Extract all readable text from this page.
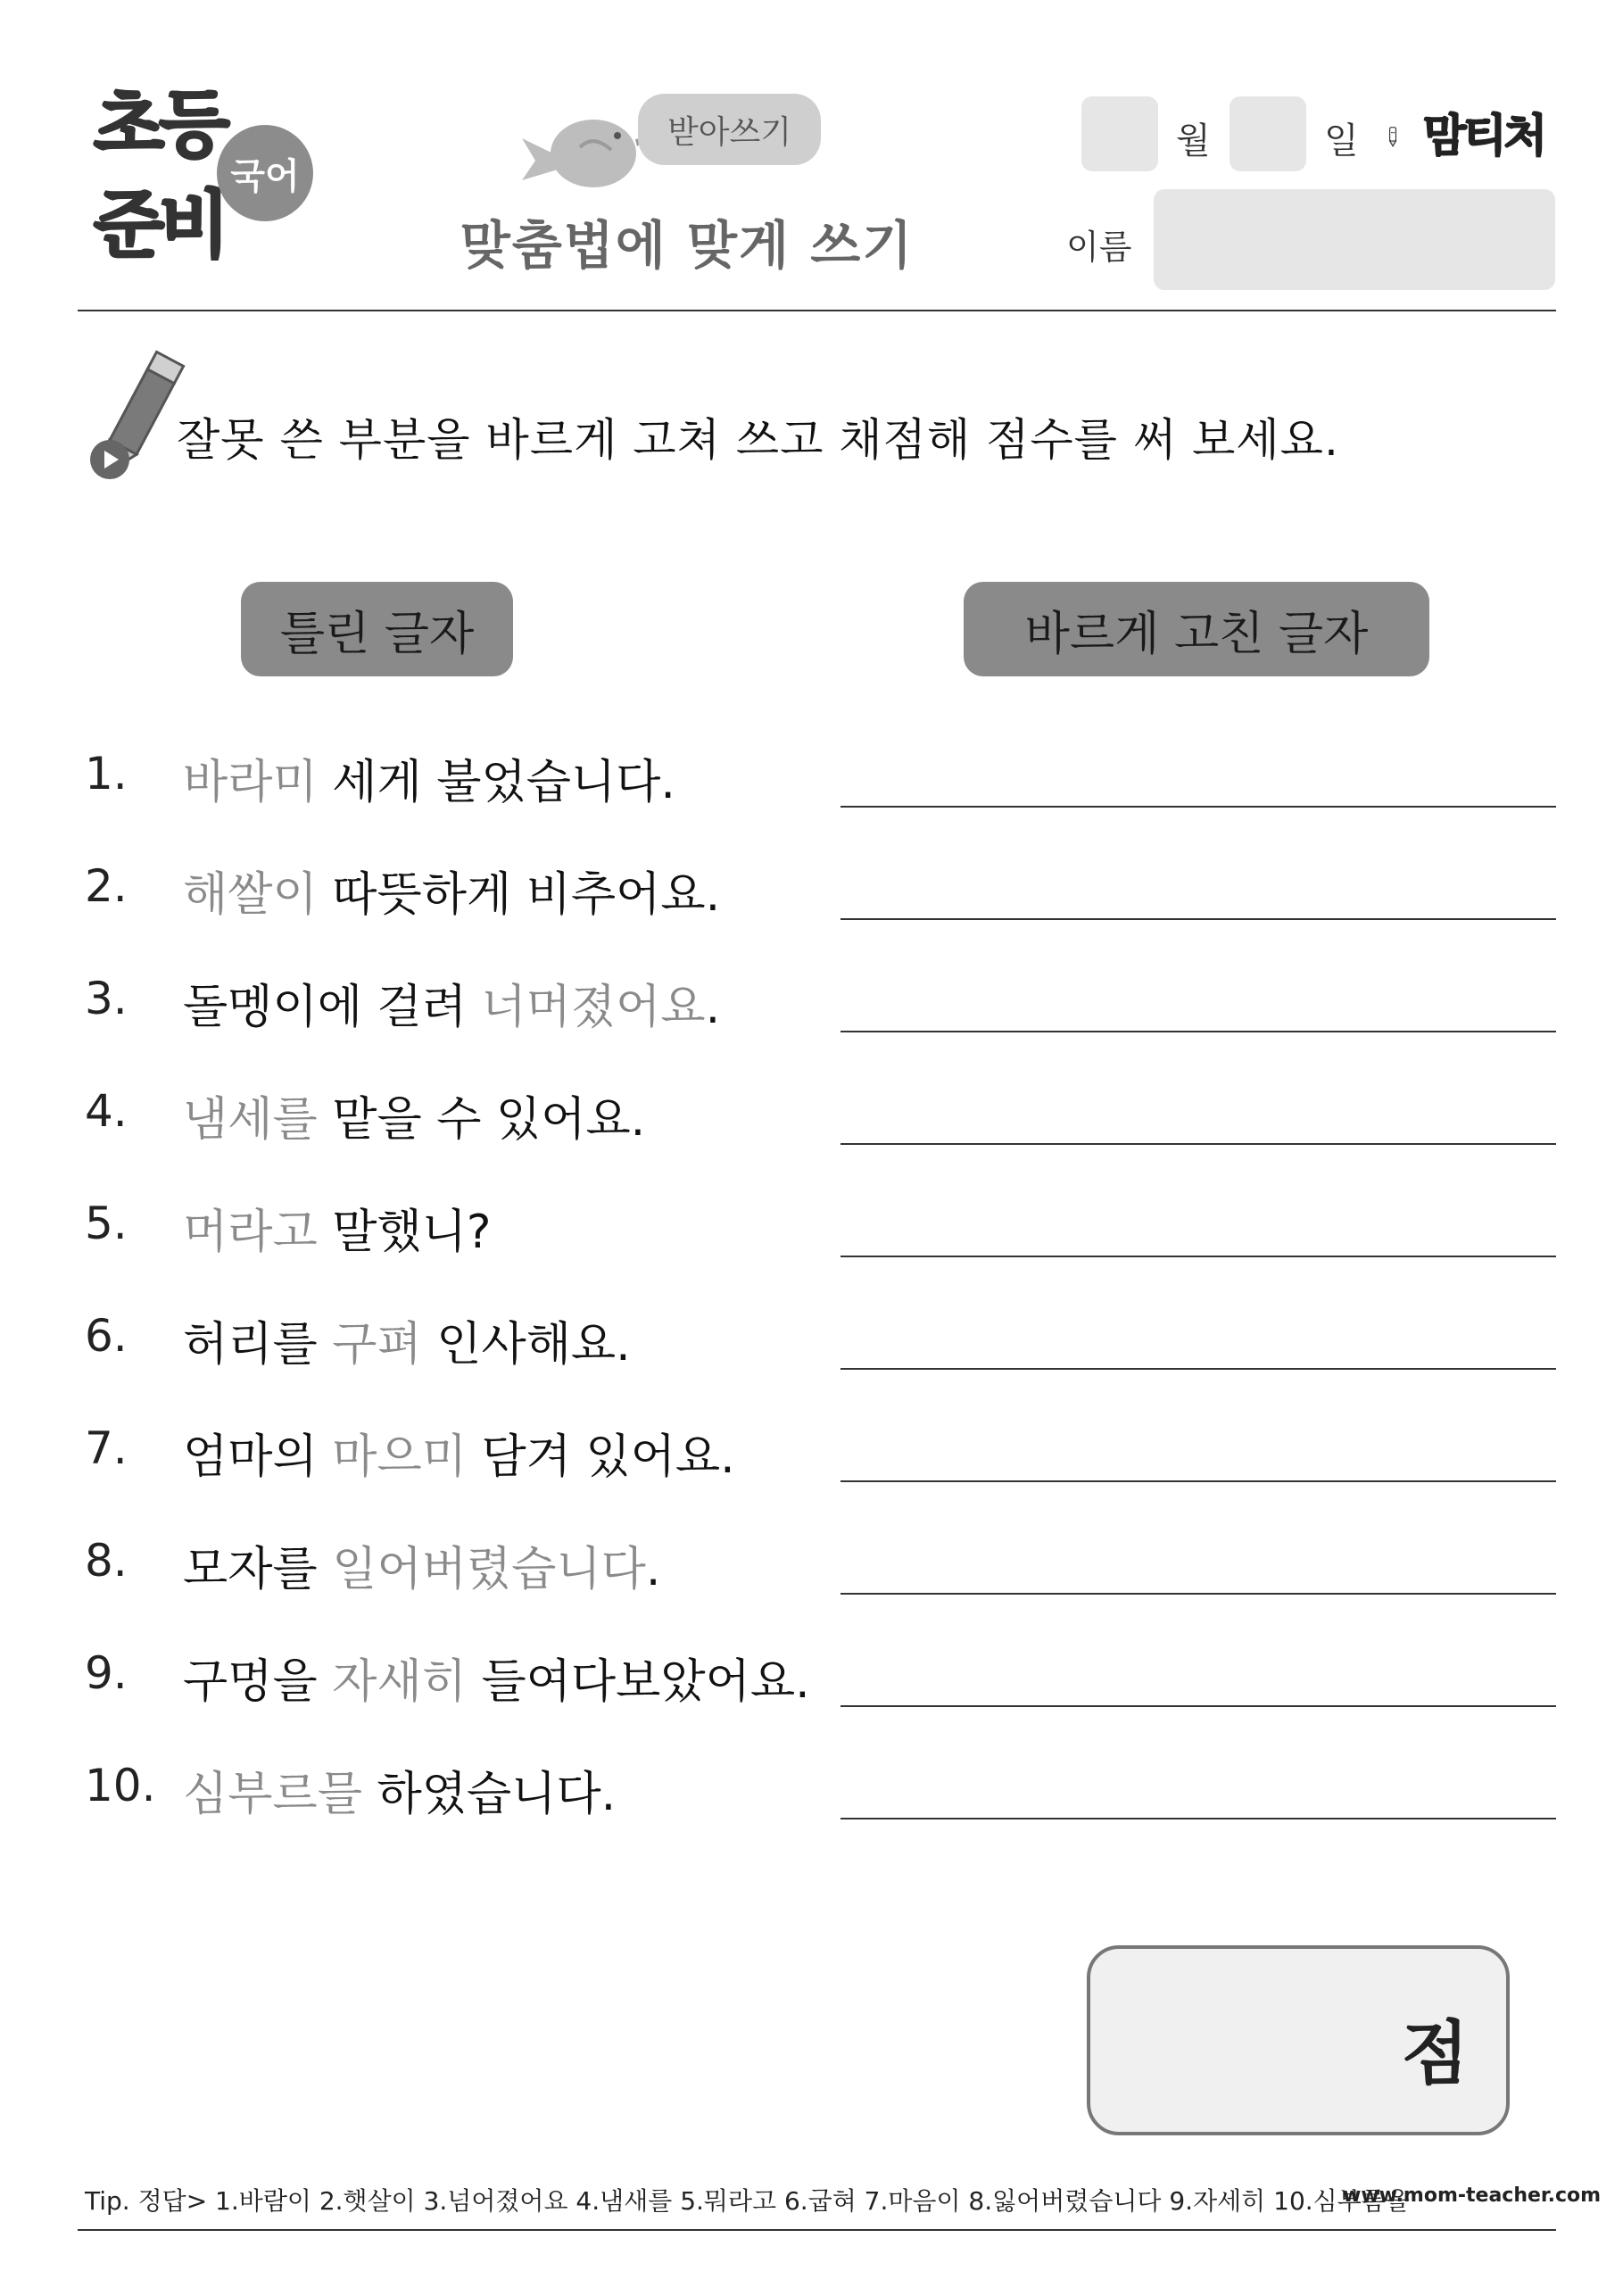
초등
준비
국어
받아쓰기
맞춤법에 맞게 쓰기
월	일
이름
맘티처
잘못 쓴 부분을 바르게 고쳐 쓰고 채점해 점수를 써 보세요.
틀린 글자	바르게 고친 글자
1. 바라미 세게 불었습니다.
2. 해쌀이 따뜻하게 비추어요.
3. 돌멩이에 걸려 너머졌어요.
4. 냄세를 맡을 수 있어요.
5. 머라고 말했니?
6. 허리를 구펴 인사해요.
7. 엄마의 마으미 담겨 있어요.
8. 모자를 일어버렸습니다.
9. 구멍을 자새히 들여다보았어요.
10. 심부르믈 하였습니다.
점
Tip. 정답> 1.바람이 2.햇살이 3.넘어졌어요 4.냄새를 5.뭐라고 6.굽혀 7.마음이 8.잃어버렸습니다 9.자세히 10.심부름을
www.mom-teacher.com
